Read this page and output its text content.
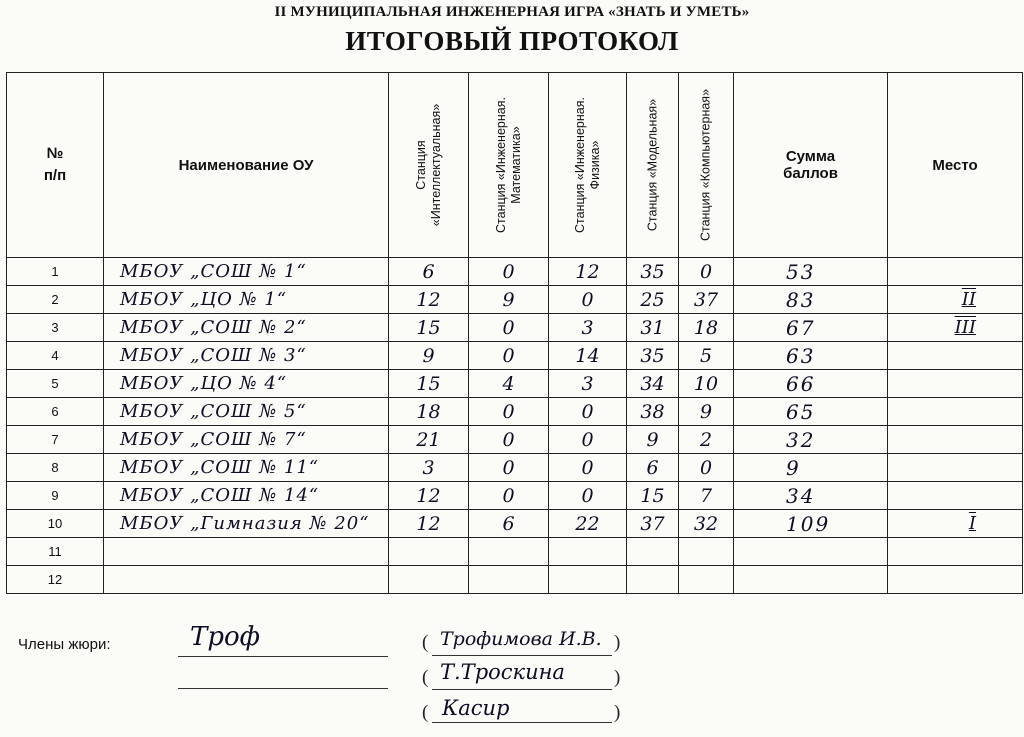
II МУНИЦИПАЛЬНАЯ ИНЖЕНЕРНАЯ ИГРА «ЗНАТЬ И УМЕТЬ»
ИТОГОВЫЙ ПРОТОКОЛ
№
п/п	Наименование ОУ	Станция «Интеллектуальная»	Станция «Инженерная. Математика»	Станция «Инженерная. Физика»	Станция «Модельная»	Станция «Компьютерная»	Сумма баллов	Место
1	МБОУ „СОШ № 1“	6	0	12	35	0	53	
2	МБОУ „ЦО № 1“	12	9	0	25	37	83	II
3	МБОУ „СОШ № 2“	15	0	3	31	18	67	III
4	МБОУ „СОШ № 3“	9	0	14	35	5	63	
5	МБОУ „ЦО № 4“	15	4	3	34	10	66	
6	МБОУ „СОШ № 5“	18	0	0	38	9	65	
7	МБОУ „СОШ № 7“	21	0	0	9	2	32	
8	МБОУ „СОШ № 11“	3	0	0	6	0	9	
9	МБОУ „СОШ № 14“	12	0	0	15	7	34	
10	МБОУ „Гимназия № 20“	12	6	22	37	32	109	I
11								
12								
Члены жюри:	Троф	( Трофимова И.В. )
( Т.Троскина	)
( Касир	)
